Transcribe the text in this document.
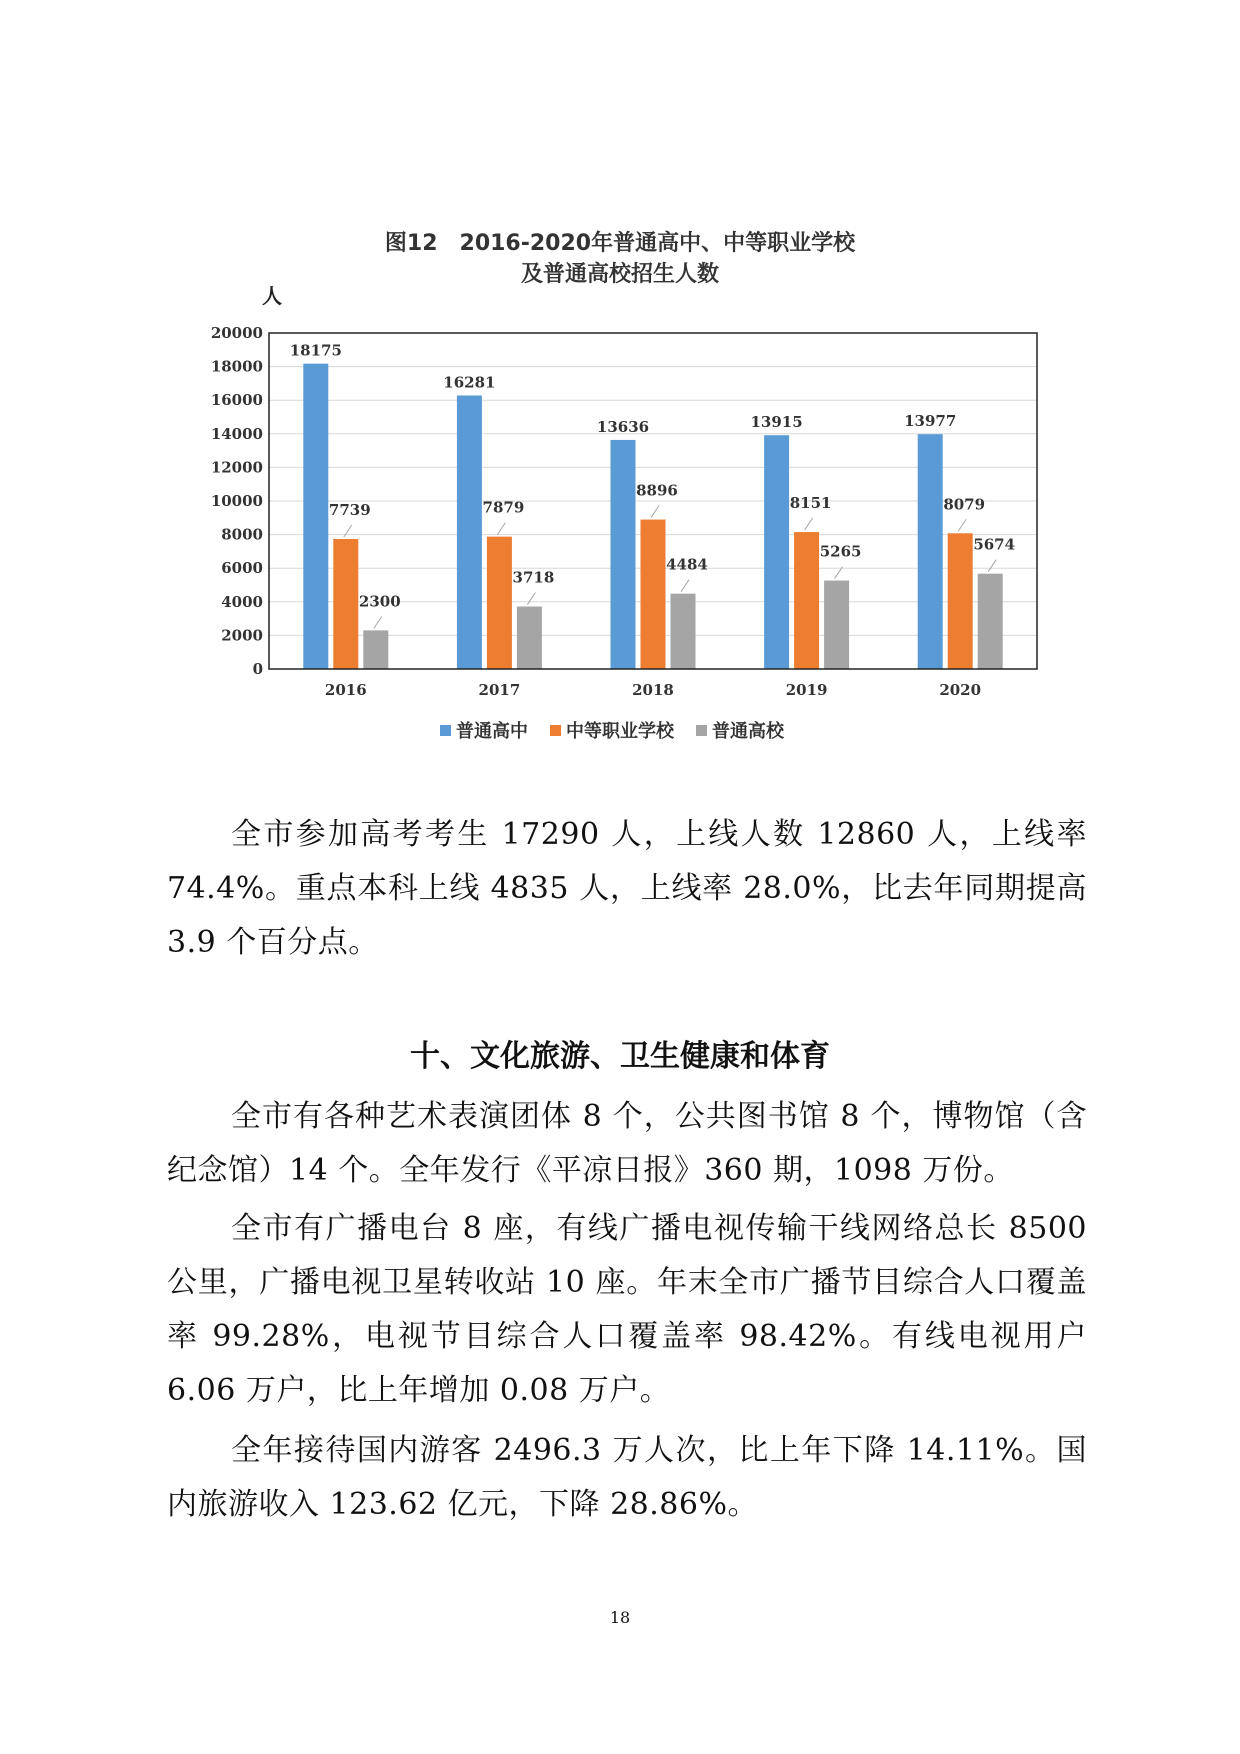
图12　2016-2020年普通高中、中等职业学校
及普通高校招生人数
0
2000
4000
6000
8000
10000
12000
14000
16000
18000
20000
人
18175
7739
2300
2016
16281
7879
3718
2017
13636
8896
4484
2018
13915
8151
5265
2019
13977
8079
5674
2020
普通高中 中等职业学校 普通高校

全市参加高考考生 17290 人，上线人数 12860 人，上线率 74.4%。重点本科上线 4835 人，上线率 28.0%，比去年同期提高 3.9 个百分点。

十、文化旅游、卫生健康和体育

全市有各种艺术表演团体 8 个，公共图书馆 8 个，博物馆（含纪念馆）14 个。全年发行《平凉日报》360 期，1098 万份。

全市有广播电台 8 座，有线广播电视传输干线网络总长 8500 公里，广播电视卫星转收站 10 座。年末全市广播节目综合人口覆盖率 99.28%，电视节目综合人口覆盖率 98.42%。有线电视用户 6.06 万户，比上年增加 0.08 万户。

全年接待国内游客 2496.3 万人次，比上年下降 14.11%。国内旅游收入 123.62 亿元，下降 28.86%。

18
